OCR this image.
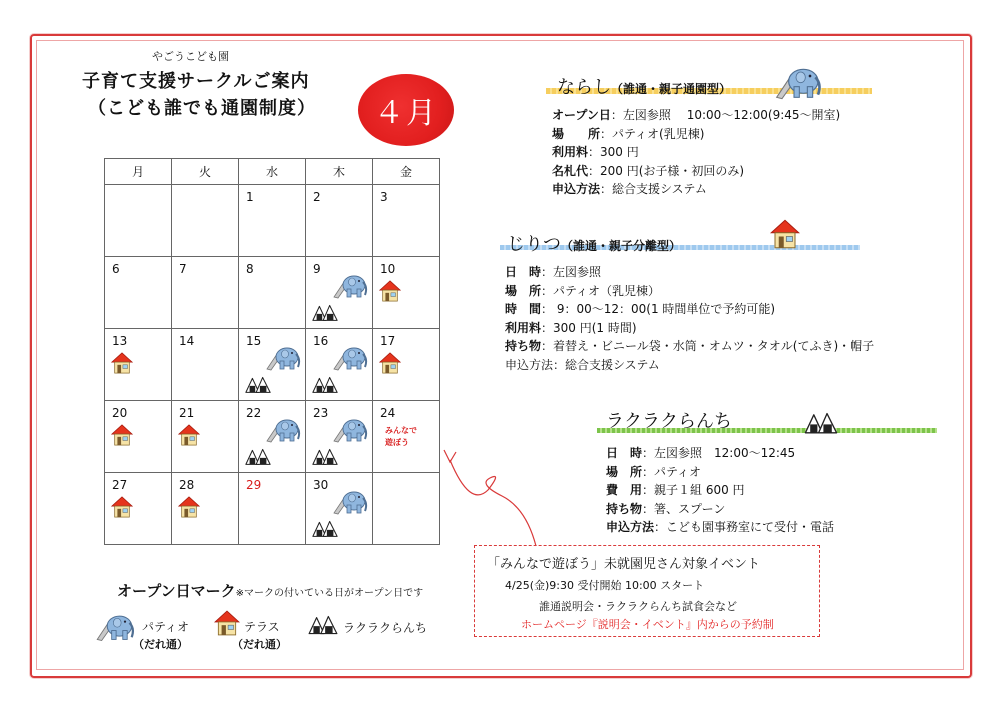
やごうこども園
子育て支援サークルご案内
（こども誰でも通園制度）	４月
月	火	水	木	金

		1	2	3

6	7	8	9	10

13	14	15	16	17

20	21	22	23	24
みんなで
遊ぼう

27	28	29	30	

ならし（誰通・親子通園型）
オープン日：左図参照　 10:00～12:00(9:45～開室)
場　　所：パティオ(乳児棟)
利用料：300 円
名札代：200 円(お子様・初回のみ)
申込方法：総合支援システム
じりつ（誰通・親子分離型）
日　時：左図参照
場　所：パティオ（乳児棟）
時　間： 9：00～12：00(1 時間単位で予約可能)
利用料：300 円(1 時間)
持ち物：着替え・ビニール袋・水筒・オムツ・タオル(てふき)・帽子
申込方法：総合支援システム
ラクラクらんち
日　時：左図参照　12:00～12:45
場　所：パティオ
費　用：親子１組 600 円
持ち物：箸、スプーン
申込方法：こども園事務室にて受付・電話
「みんなで遊ぼう」未就園児さん対象イベント
4/25(金)9:30 受付開始 10:00 スタート
誰通説明会・ラクラクらんち試食会など
ホームページ『説明会・イベント』内からの予約制
オープン日マーク※マークの付いている日がオープン日です
パティオ
（だれ通）
テラス
（だれ通）
ラクラクらんち
